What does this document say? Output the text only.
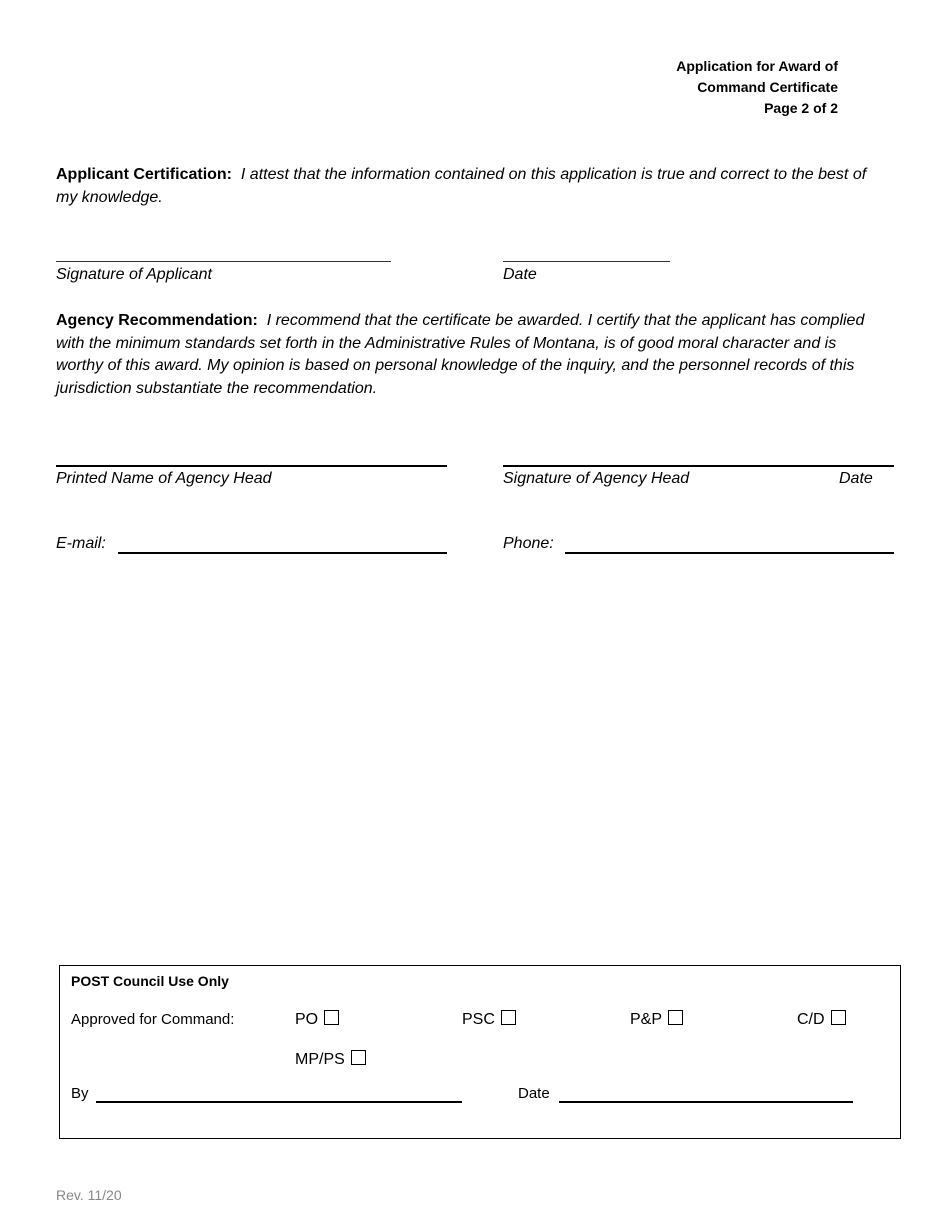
Application for Award of
Command Certificate
Page 2 of 2
Applicant Certification: I attest that the information contained on this application is true and correct to the best of my knowledge.
Signature of Applicant	Date
Agency Recommendation: I recommend that the certificate be awarded. I certify that the applicant has complied with the minimum standards set forth in the Administrative Rules of Montana, is of good moral character and is worthy of this award. My opinion is based on personal knowledge of the inquiry, and the personnel records of this jurisdiction substantiate the recommendation.
Printed Name of Agency Head	Signature of Agency Head	Date
E-mail:	Phone:
POST Council Use Only
Approved for Command:	PO	PSC	P&P	C/D
MP/PS
By	Date
Rev. 11/20
